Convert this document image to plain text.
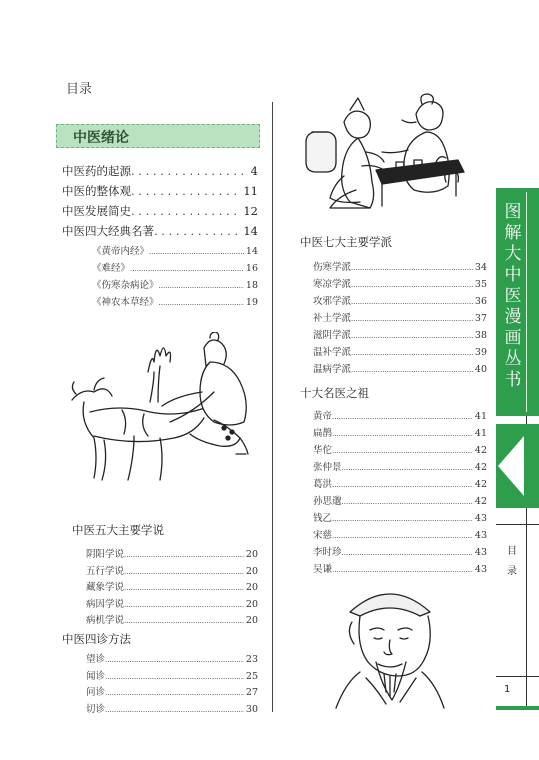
目录
中医绪论
中医药的起源 . . .	4
中医的整体观 . . .	11
中医发展简史 . . .	12
中医四大经典名著 . . .	14
《黄帝内经》 .....	14
《难经》 .....	16
《伤寒杂病论》 .....	18
《神农本草经》 .....	19
中医五大主要学说
阴阳学说 .....	20
五行学说 .....	20
藏象学说 .....	20
病因学说 .....	20
病机学说 .....	20
中医四诊方法
望诊 .....	23
闻诊 .....	25
问诊 .....	27
切诊 .....	30
中医七大主要学派
伤寒学派 .....	34
寒凉学派 .....	35
攻邪学派 .....	36
补土学派 .....	37
滋阴学派 .....	38
温补学派 .....	39
温病学派 .....	40
十大名医之祖
黄帝 .....	41
扁鹊 .....	41
华佗 .....	42
张仲景 .....	42
葛洪 .....	42
孙思邈 .....	42
钱乙 .....	43
宋慈 .....	43
李时珍 .....	43
吴谦 .....	43
图解大中医漫画丛书
目录
1
